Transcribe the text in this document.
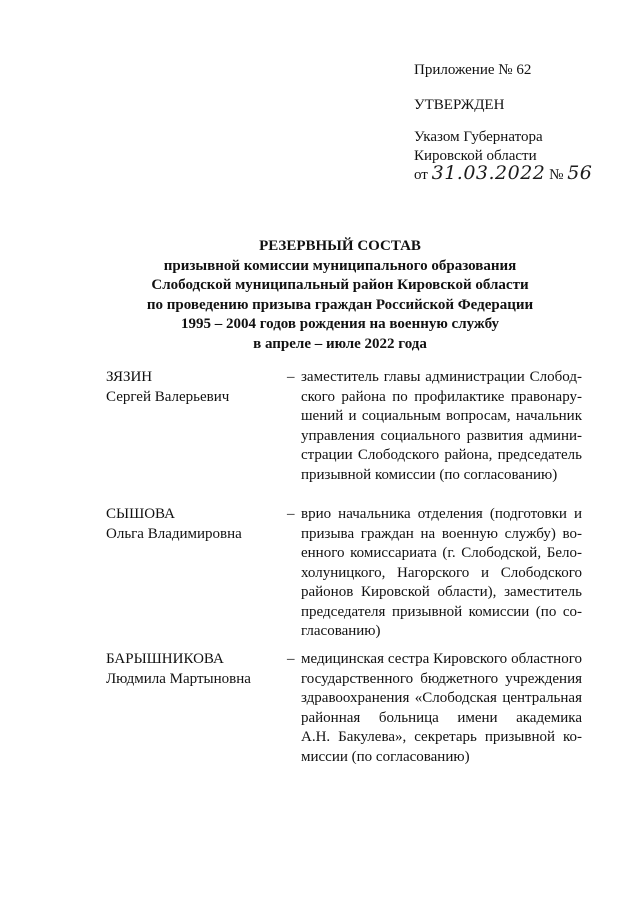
Приложение № 62
УТВЕРЖДЕН
Указом Губернатора
Кировской области
от 31.03.2022 № 56
РЕЗЕРВНЫЙ СОСТАВ
призывной комиссии муниципального образования
Слободской муниципальный район Кировской области
по проведению призыва граждан Российской Федерации
1995 – 2004 годов рождения на военную службу
в апреле – июле 2022 года
ЗЯЗИН
Сергей Валерьевич
– заместитель главы администрации Слобод-
ского района по профилактике правонару-
шений и социальным вопросам, начальник
управления социального развития админи-
страции Слободского района, председатель
призывной комиссии (по согласованию)
СЫШОВА
Ольга Владимировна
– врио начальника отделения (подготовки и
призыва граждан на военную службу) во-
енного комиссариата (г. Слободской, Бело-
холуницкого, Нагорского и Слободского
районов Кировской области), заместитель
председателя призывной комиссии (по со-
гласованию)
БАРЫШНИКОВА
Людмила Мартыновна
– медицинская сестра Кировского областного
государственного бюджетного учреждения
здравоохранения «Слободская центральная
районная больница имени академика
А.Н. Бакулева», секретарь призывной ко-
миссии (по согласованию)
